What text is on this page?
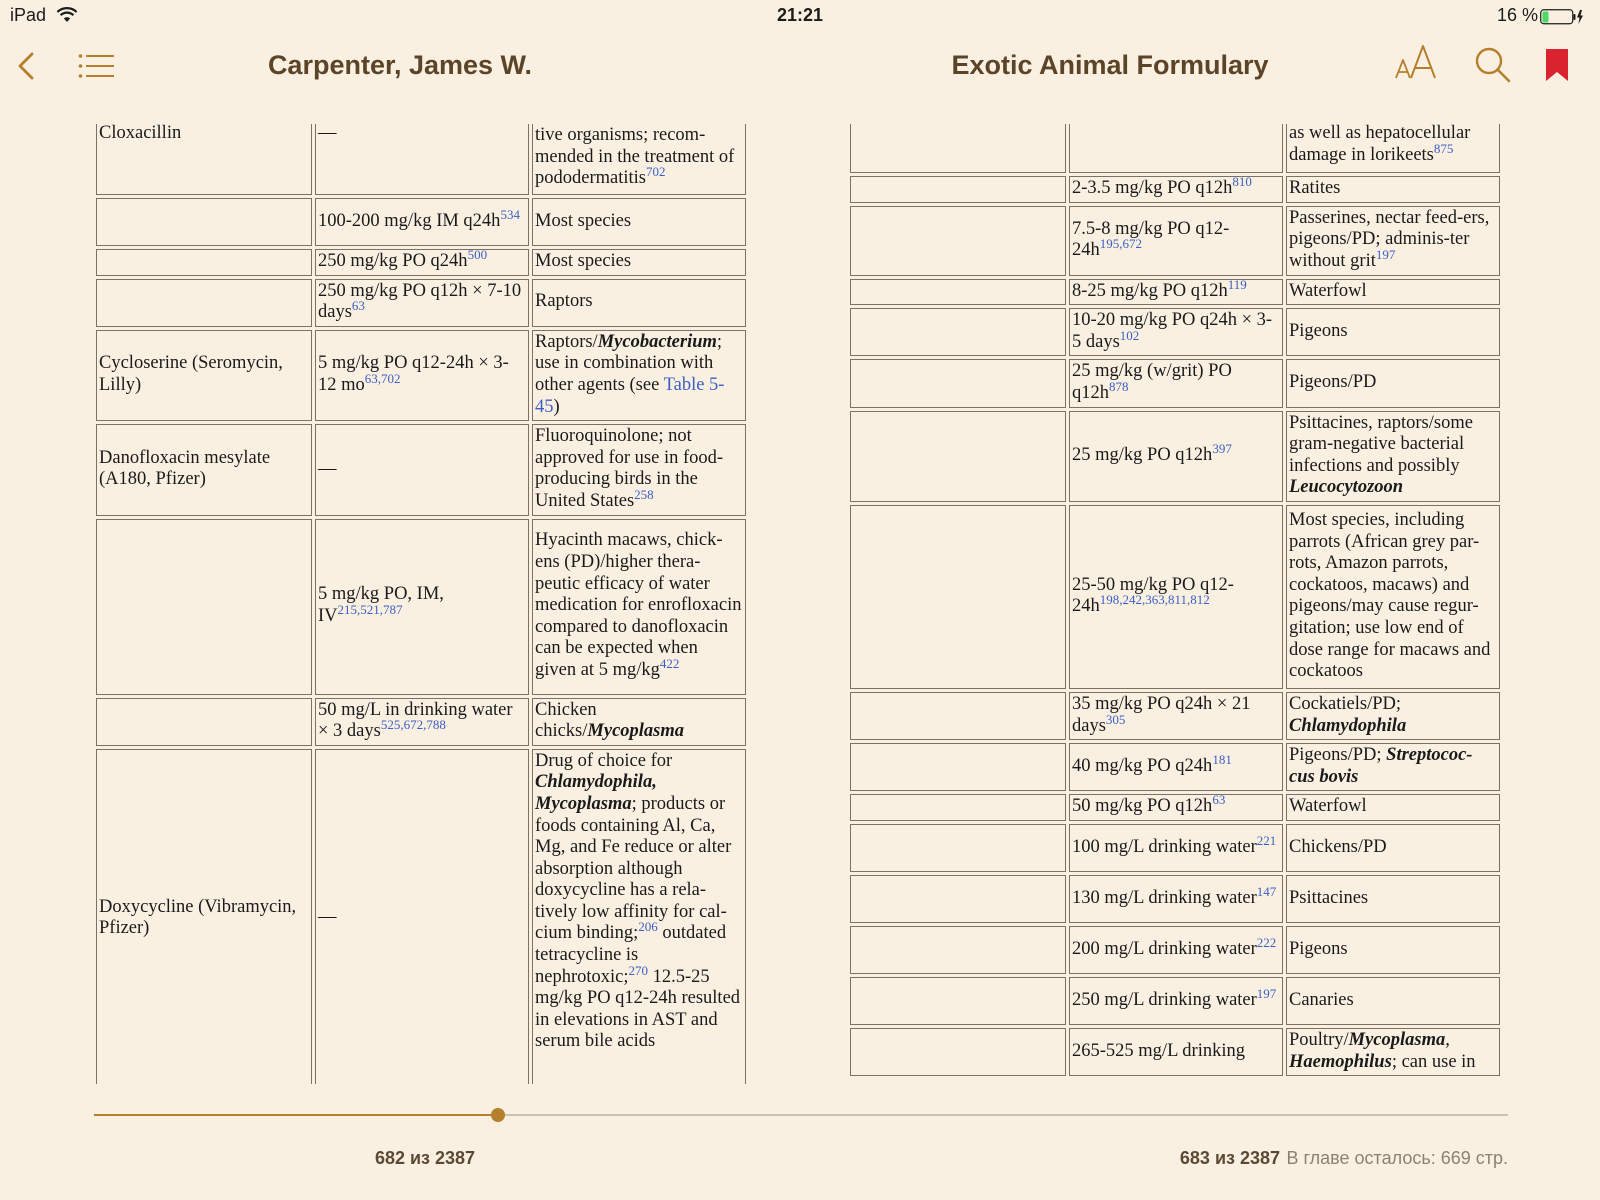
iPad	21:21	16 %
Carpenter, James W.	Exotic Animal Formulary
Cloxacillin	—	tive organisms; recom-mended in the treatment of pododermatitis$^{702}$
	100-200 mg/kg IM q24h$^{534}$	Most species
	250 mg/kg PO q24h$^{500}$	Most species
	250 mg/kg PO q12h × 7-10 days$^{63}$	Raptors
Cycloserine (Seromycin, Lilly)	5 mg/kg PO q12-24h × 3-12 mo$^{63,702}$	Raptors/Mycobacterium; use in combination with other agents (see Table 5-45)
Danofloxacin mesylate (A180, Pfizer)	—	Fluoroquinolone; not approved for use in food-producing birds in the United States$^{258}$
	5 mg/kg PO, IM, IV$^{215,521,787}$	Hyacinth macaws, chick-ens (PD)/higher thera-peutic efficacy of water medication for enrofloxacin compared to danofloxacin can be expected when given at 5 mg/kg$^{422}$
	50 mg/L in drinking water × 3 days$^{525,672,788}$	Chicken chicks/Mycoplasma
Doxycycline (Vibramycin, Pfizer)	—	Drug of choice for Chlamydophila, Mycoplasma; products or foods containing Al, Ca, Mg, and Fe reduce or alter absorption although doxycycline has a rela-tively low affinity for cal-cium binding;$^{206}$ outdated tetracycline is nephrotoxic;$^{270}$ 12.5-25 mg/kg PO q12-24h resulted in elevations in AST and serum bile acids
		as well as hepatocellular damage in lorikeets$^{875}$
	2-3.5 mg/kg PO q12h$^{810}$	Ratites
	7.5-8 mg/kg PO q12-24h$^{195,672}$	Passerines, nectar feed-ers, pigeons/PD; adminis-ter without grit$^{197}$
	8-25 mg/kg PO q12h$^{119}$	Waterfowl
	10-20 mg/kg PO q24h × 3-5 days$^{102}$	Pigeons
	25 mg/kg (w/grit) PO q12h$^{878}$	Pigeons/PD
	25 mg/kg PO q12h$^{397}$	Psittacines, raptors/some gram-negative bacterial infections and possibly Leucocytozoon
	25-50 mg/kg PO q12-24h$^{198,242,363,811,812}$	Most species, including parrots (African grey par-rots, Amazon parrots, cockatoos, macaws) and pigeons/may cause regur-gitation; use low end of dose range for macaws and cockatoos
	35 mg/kg PO q24h × 21 days$^{305}$	Cockatiels/PD; Chlamydophila
	40 mg/kg PO q24h$^{181}$	Pigeons/PD; Streptococ-cus bovis
	50 mg/kg PO q12h$^{63}$	Waterfowl
	100 mg/L drinking water$^{221}$	Chickens/PD
	130 mg/L drinking water$^{147}$	Psittacines
	200 mg/L drinking water$^{222}$	Pigeons
	250 mg/L drinking water$^{197}$	Canaries
	265-525 mg/L drinking	Poultry/Mycoplasma, Haemophilus; can use in
682 из 2387	683 из 2387 В главе осталось: 669 стр.
